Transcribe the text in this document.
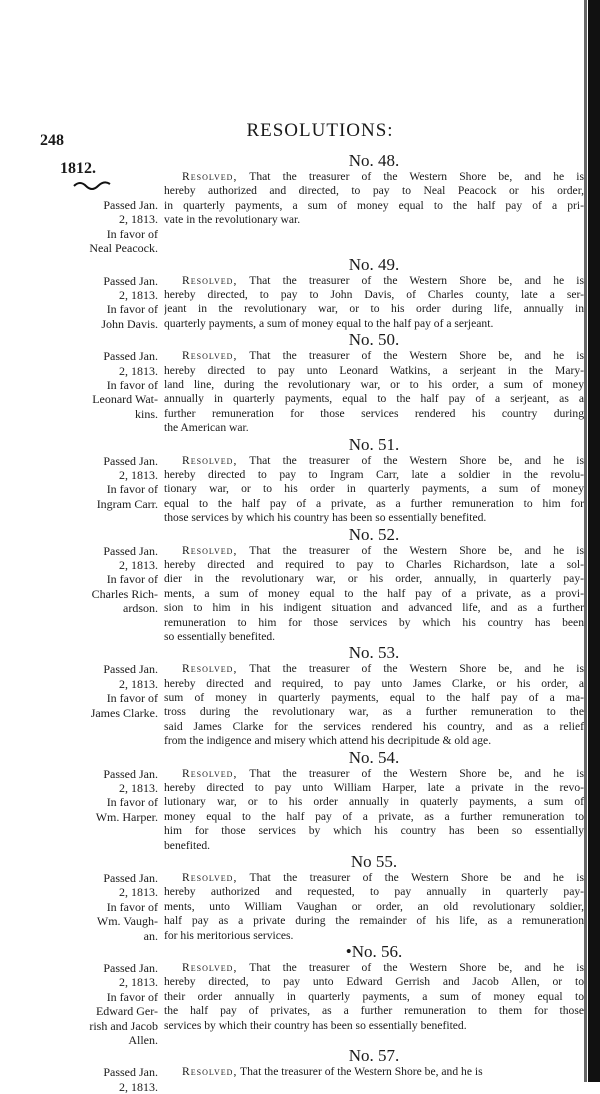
248	RESOLUTIONS:
1812.
Passed Jan.
2, 1813.
In favor of
Neal Peacock.
No. 48.
Resolved, That the treasurer of the Western Shore be, and he is
hereby authorized and directed, to pay to Neal Peacock or his order,
in quarterly payments, a sum of money equal to the half pay of a pri-
vate in the revolutionary war.
Passed Jan.
2, 1813.
In favor of
John Davis.
No. 49.
Resolved, That the treasurer of the Western Shore be, and he is
hereby directed, to pay to John Davis, of Charles county, late a ser-
jeant in the revolutionary war, or to his order during life, annually in
quarterly payments, a sum of money equal to the half pay of a serjeant.
Passed Jan.
2, 1813.
In favor of
Leonard Wat-
kins.
No. 50.
Resolved, That the treasurer of the Western Shore be, and he is
hereby directed to pay unto Leonard Watkins, a serjeant in the Mary-
land line, during the revolutionary war, or to his order, a sum of money
annually in quarterly payments, equal to the half pay of a serjeant, as a
further remuneration for those services rendered his country during
the American war.
Passed Jan.
2, 1813.
In favor of
Ingram Carr.
No. 51.
Resolved, That the treasurer of the Western Shore be, and he is
hereby directed to pay to Ingram Carr, late a soldier in the revolu-
tionary war, or to his order in quarterly payments, a sum of money
equal to the half pay of a private, as a further remuneration to him for
those services by which his country has been so essentially benefited.
Passed Jan.
2, 1813.
In favor of
Charles Rich-
ardson.
No. 52.
Resolved, That the treasurer of the Western Shore be, and he is
hereby directed and required to pay to Charles Richardson, late a sol-
dier in the revolutionary war, or his order, annually, in quarterly pay-
ments, a sum of money equal to the half pay of a private, as a provi-
sion to him in his indigent situation and advanced life, and as a further
remuneration to him for those services by which his country has been
so essentially benefited.
Passed Jan.
2, 1813.
In favor of
James Clarke.
No. 53.
Resolved, That the treasurer of the Western Shore be, and he is
hereby directed and required, to pay unto James Clarke, or his order, a
sum of money in quarterly payments, equal to the half pay of a ma-
tross during the revolutionary war, as a further remuneration to the
said James Clarke for the services rendered his country, and as a relief
from the indigence and misery which attend his decripitude & old age.
Passed Jan.
2, 1813.
In favor of
Wm. Harper.
No. 54.
Resolved, That the treasurer of the Western Shore be, and he is
hereby directed to pay unto William Harper, late a private in the revo-
lutionary war, or to his order annually in quaterly payments, a sum of
money equal to the half pay of a private, as a further remuneration to
him for those services by which his country has been so essentially
benefited.
Passed Jan.
2, 1813.
In favor of
Wm. Vaugh-
an.
No 55.
Resolved, That the treasurer of the Western Shore be and he is
hereby authorized and requested, to pay annually in quarterly pay-
ments, unto William Vaughan or order, an old revolutionary soldier,
half pay as a private during the remainder of his life, as a remuneration
for his meritorious services.
Passed Jan.
2, 1813.
In favor of
Edward Ger-
rish and Jacob
Allen.
•No. 56.
Resolved, That the treasurer of the Western Shore be, and he is
hereby directed, to pay unto Edward Gerrish and Jacob Allen, or to
their order annually in quarterly payments, a sum of money equal to
the half pay of privates, as a further remuneration to them for those
services by which their country has been so essentially benefited.
Passed Jan.
2, 1813.
No. 57.
Resolved, That the treasurer of the Western Shore be, and he is
